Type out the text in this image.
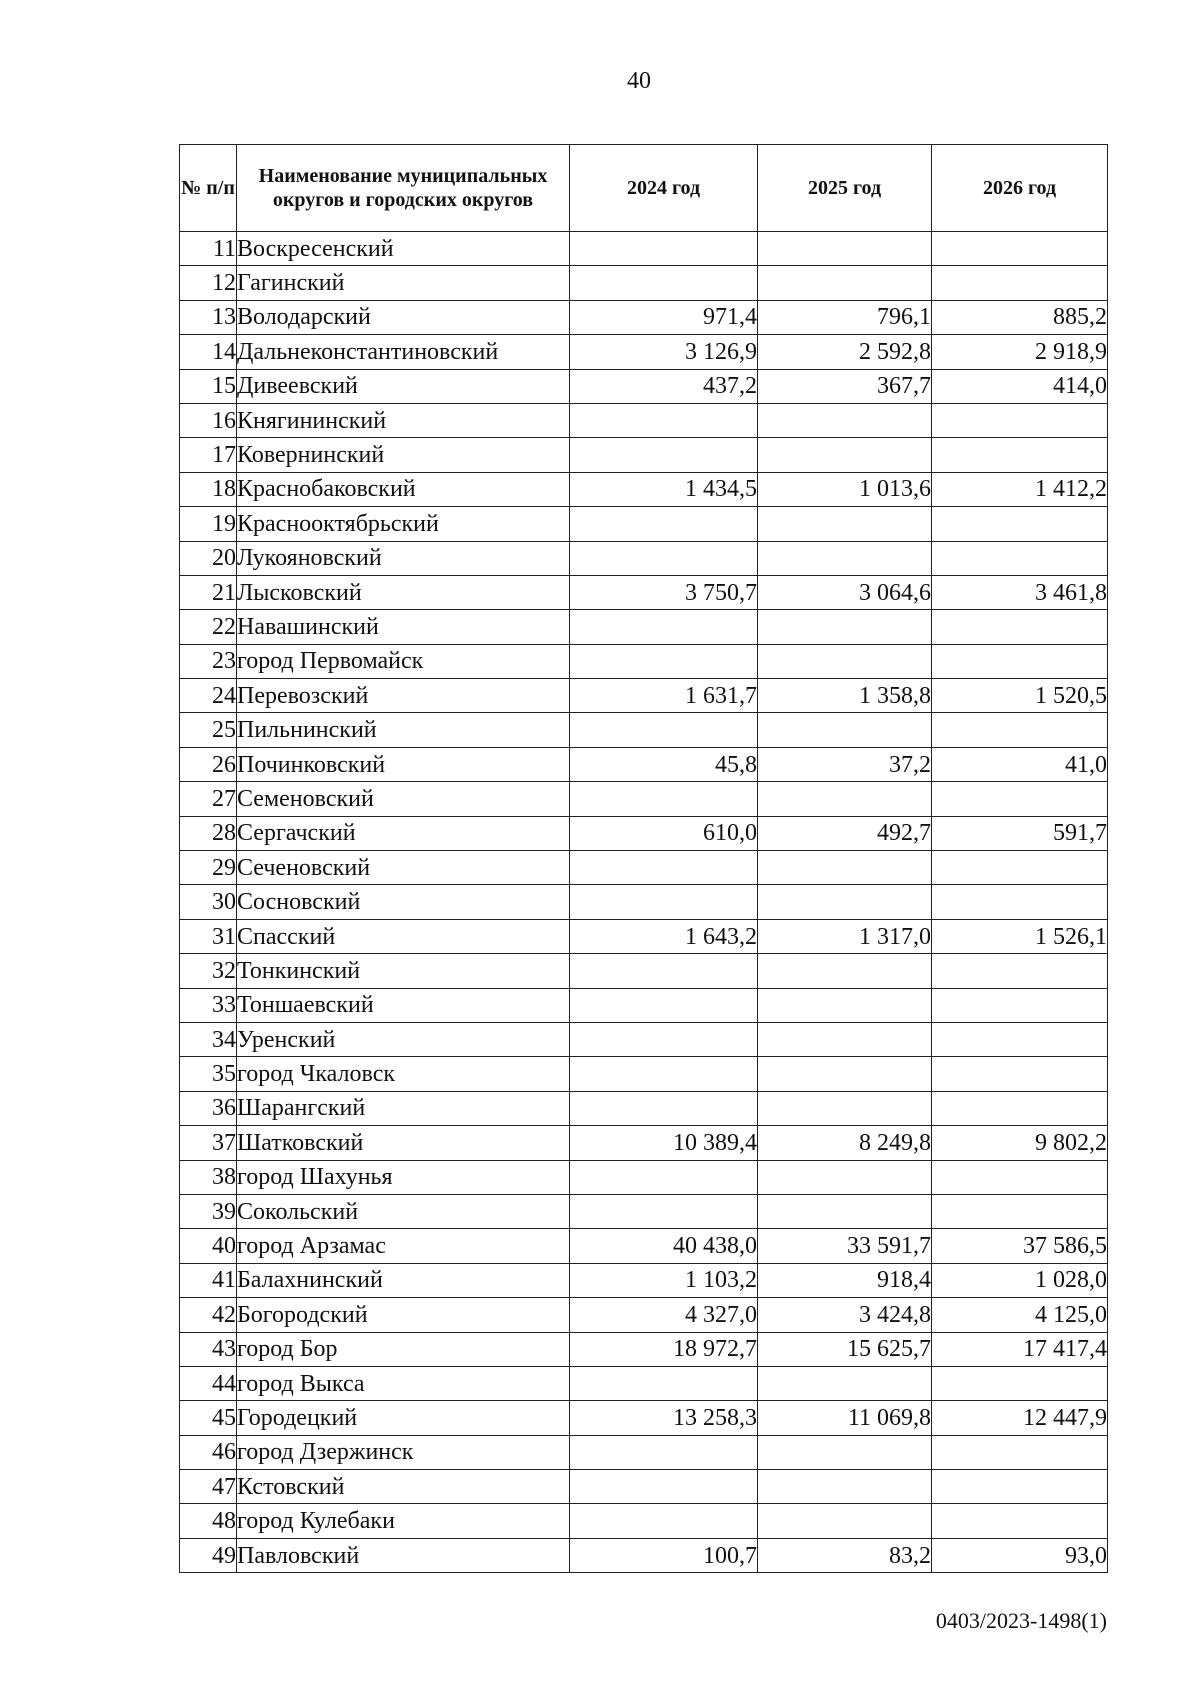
40
№ п/п	Наименование муниципальных округов и городских округов	2024 год	2025 год	2026 год
11	Воскресенский			
12	Гагинский			
13	Володарский	971,4	796,1	885,2
14	Дальнеконстантиновский	3 126,9	2 592,8	2 918,9
15	Дивеевский	437,2	367,7	414,0
16	Княгининский			
17	Ковернинский			
18	Краснобаковский	1 434,5	1 013,6	1 412,2
19	Краснооктябрьский			
20	Лукояновский			
21	Лысковский	3 750,7	3 064,6	3 461,8
22	Навашинский			
23	город Первомайск			
24	Перевозский	1 631,7	1 358,8	1 520,5
25	Пильнинский			
26	Починковский	45,8	37,2	41,0
27	Семеновский			
28	Сергачский	610,0	492,7	591,7
29	Сеченовский			
30	Сосновский			
31	Спасский	1 643,2	1 317,0	1 526,1
32	Тонкинский			
33	Тоншаевский			
34	Уренский			
35	город Чкаловск			
36	Шарангский			
37	Шатковский	10 389,4	8 249,8	9 802,2
38	город Шахунья			
39	Сокольский			
40	город Арзамас	40 438,0	33 591,7	37 586,5
41	Балахнинский	1 103,2	918,4	1 028,0
42	Богородский	4 327,0	3 424,8	4 125,0
43	город Бор	18 972,7	15 625,7	17 417,4
44	город Выкса			
45	Городецкий	13 258,3	11 069,8	12 447,9
46	город Дзержинск			
47	Кстовский			
48	город Кулебаки			
49	Павловский	100,7	83,2	93,0
0403/2023-1498(1)
